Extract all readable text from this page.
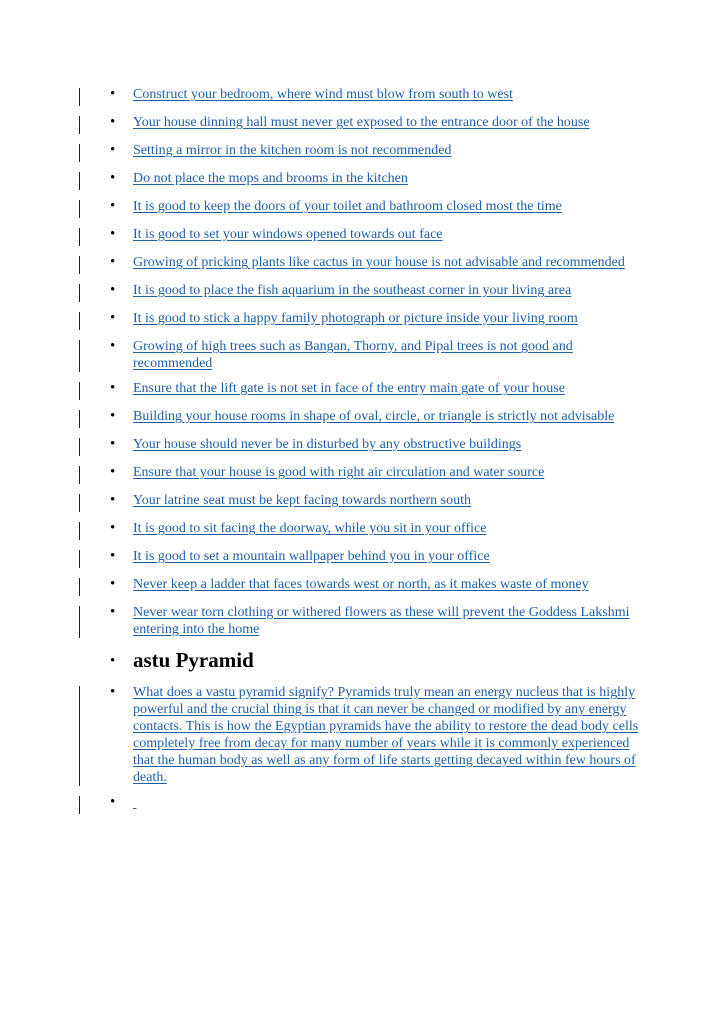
• Construct your bedroom, where wind must blow from south to west
• Your house dinning hall must never get exposed to the entrance door of the house
• Setting a mirror in the kitchen room is not recommended
• Do not place the mops and brooms in the kitchen
• It is good to keep the doors of your toilet and bathroom closed most the time
• It is good to set your windows opened towards out face
• Growing of pricking plants like cactus in your house is not advisable and recommended
• It is good to place the fish aquarium in the southeast corner in your living area
• It is good to stick a happy family photograph or picture inside your living room
• Growing of high trees such as Bangan, Thorny, and Pipal trees is not good and recommended
• Ensure that the lift gate is not set in face of the entry main gate of your house
• Building your house rooms in shape of oval, circle, or triangle is strictly not advisable
• Your house should never be in disturbed by any obstructive buildings
• Ensure that your house is good with right air circulation and water source
• Your latrine seat must be kept facing towards northern south
• It is good to sit facing the doorway, while you sit in your office
• It is good to set a mountain wallpaper behind you in your office
• Never keep a ladder that faces towards west or north, as it makes waste of money
• Never wear torn clothing or withered flowers as these will prevent the Goddess Lakshmi entering into the home
• astu Pyramid
• What does a vastu pyramid signify? Pyramids truly mean an energy nucleus that is highly powerful and the crucial thing is that it can never be changed or modified by any energy contacts. This is how the Egyptian pyramids have the ability to restore the dead body cells completely free from decay for many number of years while it is commonly experienced that the human body as well as any form of life starts getting decayed within few hours of death.
•
